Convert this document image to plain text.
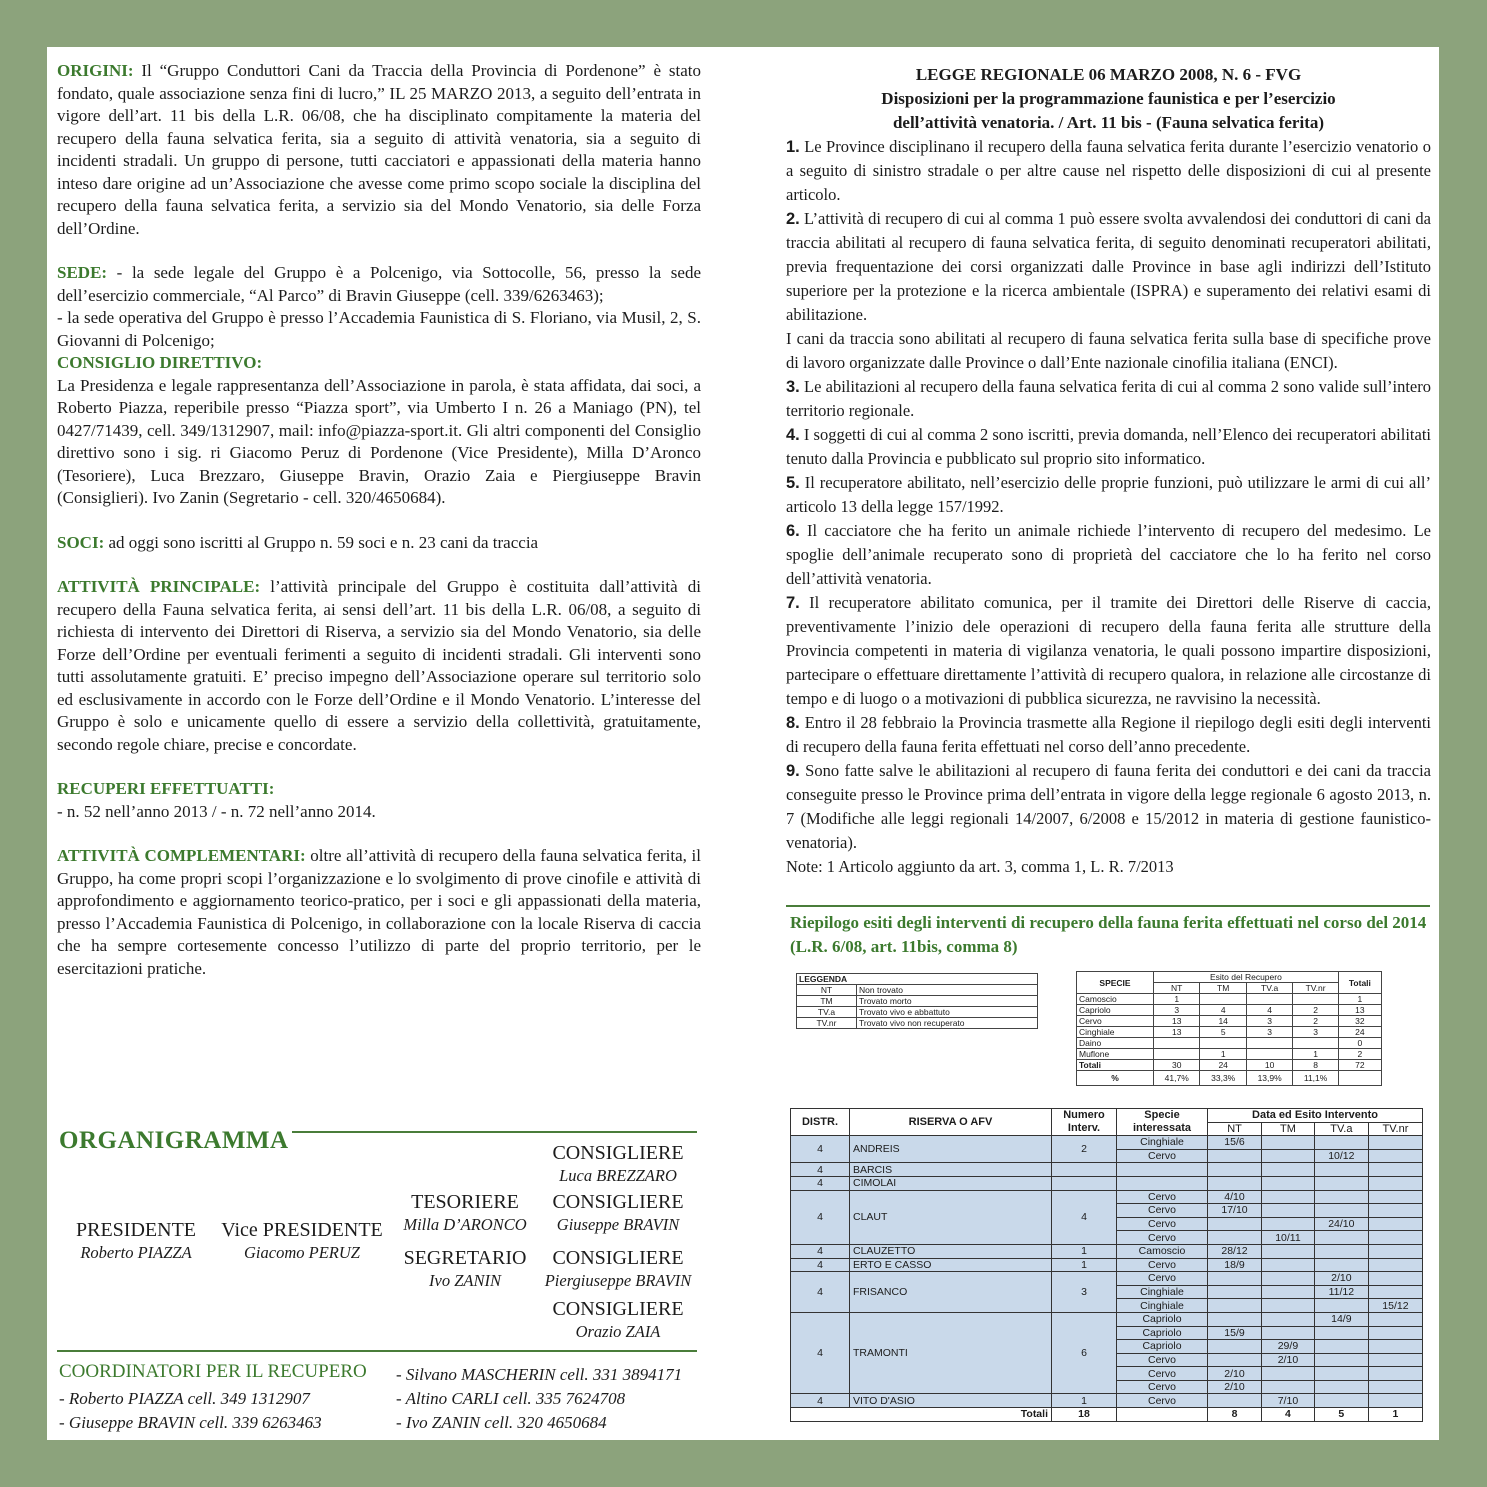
ORIGINI: Il “Gruppo Conduttori Cani da Traccia della Provincia di Pordenone” è stato fondato, quale associazione senza fini di lucro,” IL 25 MARZO 2013, a seguito dell’entrata in vigore dell’art. 11 bis della L.R. 06/08, che ha disciplinato compitamente la materia del recupero della fauna selvatica ferita, sia a seguito di attività venatoria, sia a seguito di incidenti stradali. Un gruppo di persone, tutti cacciatori e appassionati della materia hanno inteso dare origine ad un’Associazione che avesse come primo scopo sociale la disciplina del recupero della fauna selvatica ferita, a servizio sia del Mondo Venatorio, sia delle Forza dell’Ordine.

SEDE: - la sede legale del Gruppo è a Polcenigo, via Sottocolle, 56, presso la sede dell’esercizio commerciale, “Al Parco” di Bravin Giuseppe (cell. 339/6263463);

- la sede operativa del Gruppo è presso l’Accademia Faunistica di S. Floriano, via Musil, 2, S. Giovanni di Polcenigo;

CONSIGLIO DIRETTIVO:

La Presidenza e legale rappresentanza dell’Associazione in parola, è stata affidata, dai soci, a Roberto Piazza, reperibile presso “Piazza sport”, via Umberto I n. 26 a Maniago (PN), tel 0427/71439, cell. 349/1312907, mail: info@piazza-sport.it. Gli altri componenti del Consiglio direttivo sono i sig. ri Giacomo Peruz di Pordenone (Vice Presidente), Milla D’Aronco (Tesoriere), Luca Brezzaro, Giuseppe Bravin, Orazio Zaia e Piergiuseppe Bravin (Consiglieri). Ivo Zanin (Segretario - cell. 320/4650684).

SOCI: ad oggi sono iscritti al Gruppo n. 59 soci e n. 23 cani da traccia

ATTIVITÀ PRINCIPALE: l’attività principale del Gruppo è costituita dall’attività di recupero della Fauna selvatica ferita, ai sensi dell’art. 11 bis della L.R. 06/08, a seguito di richiesta di intervento dei Direttori di Riserva, a servizio sia del Mondo Venatorio, sia delle Forze dell’Ordine per eventuali ferimenti a seguito di incidenti stradali. Gli interventi sono tutti assolutamente gratuiti. E’ preciso impegno dell’Associazione operare sul territorio solo ed esclusivamente in accordo con le Forze dell’Ordine e il Mondo Venatorio. L’interesse del Gruppo è solo e unicamente quello di essere a servizio della collettività, gratuitamente, secondo regole chiare, precise e concordate.

RECUPERI EFFETTUATTI:

- n. 52 nell’anno 2013 / - n. 72 nell’anno 2014.

ATTIVITÀ COMPLEMENTARI: oltre all’attività di recupero della fauna selvatica ferita, il Gruppo, ha come propri scopi l’organizzazione e lo svolgimento di prove cinofile e attività di approfondimento e aggiornamento teorico-pratico, per i soci e gli appassionati della materia, presso l’Accademia Faunistica di Polcenigo, in collaborazione con la locale Riserva di caccia che ha sempre cortesemente concesso l’utilizzo di parte del proprio territorio, per le esercitazioni pratiche.

ORGANIGRAMMA
PRESIDENTE
Roberto PIAZZA
Vice PRESIDENTE
Giacomo PERUZ
TESORIERE
Milla D’ARONCO
SEGRETARIO
Ivo ZANIN
CONSIGLIERE
Luca BREZZARO
CONSIGLIERE
Giuseppe BRAVIN
CONSIGLIERE
Piergiuseppe BRAVIN
CONSIGLIERE
Orazio ZAIA
COORDINATORI PER IL RECUPERO
- Roberto PIAZZA cell. 349 1312907
- Giuseppe BRAVIN cell. 339 6263463
- Silvano MASCHERIN cell. 331 3894171
- Altino CARLI cell. 335 7624708
- Ivo ZANIN cell. 320 4650684

LEGGE REGIONALE 06 MARZO 2008, N. 6 - FVG

Disposizioni per la programmazione faunistica e per l’esercizio

dell’attività venatoria. / Art. 11 bis - (Fauna selvatica ferita)

1. Le Province disciplinano il recupero della fauna selvatica ferita durante l’esercizio venatorio o a seguito di sinistro stradale o per altre cause nel rispetto delle disposizioni di cui al presente articolo.

2. L’attività di recupero di cui al comma 1 può essere svolta avvalendosi dei conduttori di cani da traccia abilitati al recupero di fauna selvatica ferita, di seguito denominati recuperatori abilitati, previa frequentazione dei corsi organizzati dalle Province in base agli indirizzi dell’Istituto superiore per la protezione e la ricerca ambientale (ISPRA) e superamento dei relativi esami di abilitazione.

I cani da traccia sono abilitati al recupero di fauna selvatica ferita sulla base di specifiche prove di lavoro organizzate dalle Province o dall’Ente nazionale cinofilia italiana (ENCI).

3. Le abilitazioni al recupero della fauna selvatica ferita di cui al comma 2 sono valide sull’intero territorio regionale.

4. I soggetti di cui al comma 2 sono iscritti, previa domanda, nell’Elenco dei recuperatori abilitati tenuto dalla Provincia e pubblicato sul proprio sito informatico.

5. Il recuperatore abilitato, nell’esercizio delle proprie funzioni, può utilizzare le armi di cui all’ articolo 13 della legge 157/1992.

6. Il cacciatore che ha ferito un animale richiede l’intervento di recupero del medesimo. Le spoglie dell’animale recuperato sono di proprietà del cacciatore che lo ha ferito nel corso dell’attività venatoria.

7. Il recuperatore abilitato comunica, per il tramite dei Direttori delle Riserve di caccia, preventivamente l’inizio dele operazioni di recupero della fauna ferita alle strutture della Provincia competenti in materia di vigilanza venatoria, le quali possono impartire disposizioni, partecipare o effettuare direttamente l’attività di recupero qualora, in relazione alle circostanze di tempo e di luogo o a motivazioni di pubblica sicurezza, ne ravvisino la necessità.

8. Entro il 28 febbraio la Provincia trasmette alla Regione il riepilogo degli esiti degli interventi di recupero della fauna ferita effettuati nel corso dell’anno precedente.

9. Sono fatte salve le abilitazioni al recupero di fauna ferita dei conduttori e dei cani da traccia conseguite presso le Province prima dell’entrata in vigore della legge regionale 6 agosto 2013, n. 7 (Modifiche alle leggi regionali 14/2007, 6/2008 e 15/2012 in materia di gestione faunistico-venatoria).

Note: 1 Articolo aggiunto da art. 3, comma 1, L. R. 7/2013

Riepilogo esiti degli interventi di recupero della fauna ferita effettuati nel corso del 2014 (L.R. 6/08, art. 11bis, comma 8)
LEGGENDA	
NT	Non trovato
TM	Trovato morto
TV.a	Trovato vivo e abbattuto
TV.nr	Trovato vivo non recuperato
SPECIE	Esito del Recupero				Totali
	NT	TM	TV.a	TV.nr	
Camoscio	1				1
Capriolo	3	4	4	2	13
Cervo	13	14	3	2	32
Cinghiale	13	5	3	3	24
Daino					0
Muflone		1		1	2
Totali	30	24	10	8	72
%	41,7%	33,3%	13,9%	11,1%	
DISTR.	RISERVA O AFV	Numero Interv.	Specie interessata	Data ed Esito Intervento			
				NT	TM	TV.a	TV.nr
4	ANDREIS	2	Cinghiale	15/6			
			Cervo			10/12	
4	BARCIS						
4	CIMOLAI						
4	CLAUT	4	Cervo	4/10			
			Cervo	17/10			
			Cervo			24/10	
			Cervo		10/11		
4	CLAUZETTO	1	Camoscio	28/12			
4	ERTO E CASSO	1	Cervo	18/9			
4	FRISANCO	3	Cervo			2/10	
			Cinghiale			11/12	
			Cinghiale				15/12
4	TRAMONTI	6	Capriolo			14/9	
			Capriolo	15/9			
			Capriolo		29/9		
			Cervo		2/10		
			Cervo	2/10			
			Cervo	2/10			
4	VITO D'ASIO	1	Cervo		7/10		
Totali		18		8	4	5	1
